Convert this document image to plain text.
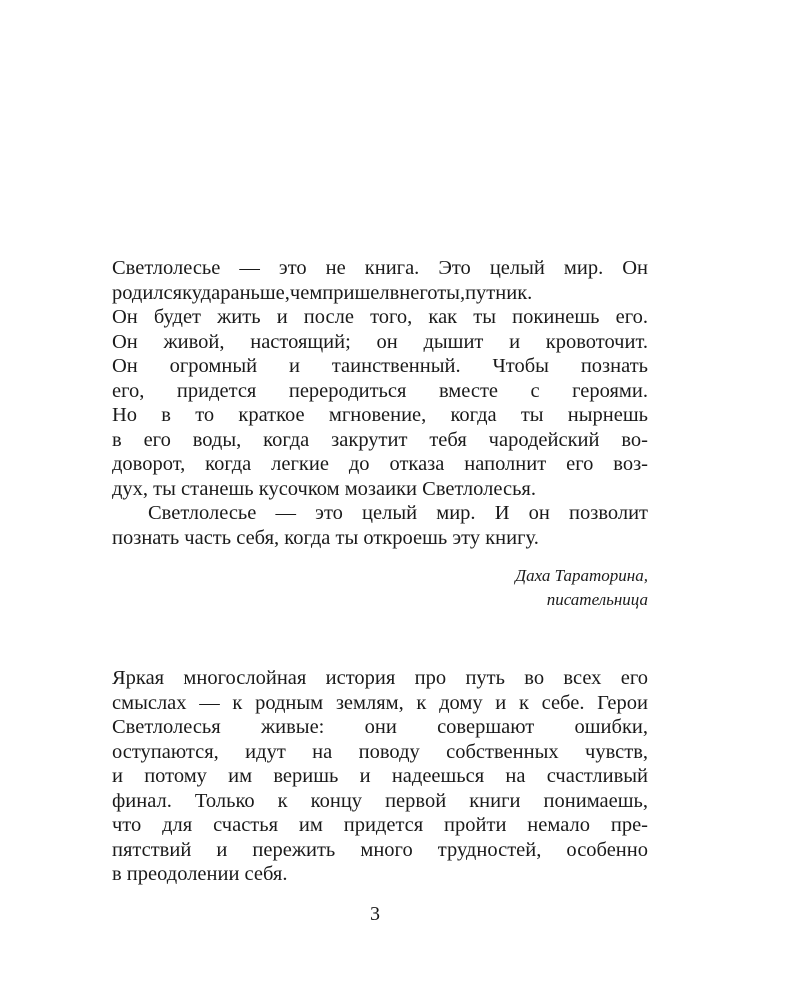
Светлолесье — это не книга. Это целый мир. Он
родилсякудараньше,чемпришелвнеготы,путник.
Он будет жить и после того, как ты покинешь его.
Он живой, настоящий; он дышит и кровоточит.
Он огромный и таинственный. Чтобы познать
его, придется переродиться вместе с героями.
Но в то краткое мгновение, когда ты нырнешь
в его воды, когда закрутит тебя чародейский во-
доворот, когда легкие до отказа наполнит его воз-
дух, ты станешь кусочком мозаики Светлолесья.
Светлолесье — это целый мир. И он позволит
познать часть себя, когда ты откроешь эту книгу.
Даха Тараторина,
писательница
Яркая многослойная история про путь во всех его
смыслах — к родным землям, к дому и к себе. Герои
Светлолесья живые: они совершают ошибки,
оступаются, идут на поводу собственных чувств,
и потому им веришь и надеешься на счастливый
финал. Только к концу первой книги понимаешь,
что для счастья им придется пройти немало пре-
пятствий и пережить много трудностей, особенно
в преодолении себя.
3
